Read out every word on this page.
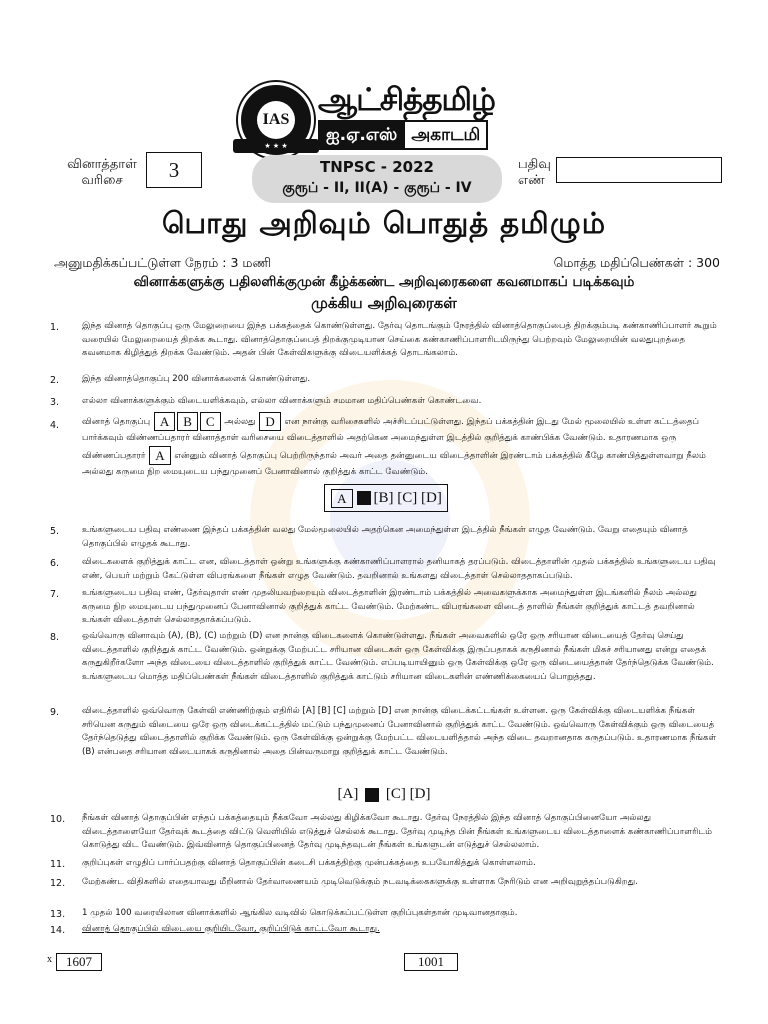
IAS
★ ★ ★
ஆட்சித்தமிழ்
ஐ.ஏ.எஸ் அகாடமி
வினாத்தாள் வரிசை	3	TNPSC - 2022
குரூப் - II, II(A) - குரூப் - IV
பதிவு எண்
பொது அறிவும் பொதுத் தமிழும்
அனுமதிக்கப்பட்டுள்ள நேரம் : 3 மணி	மொத்த மதிப்பெண்கள் : 300
வினாக்களுக்கு பதிலளிக்குமுன் கீழ்க்கண்ட அறிவுரைகளை கவனமாகப் படிக்கவும்
முக்கிய அறிவுரைகள்
1.	இந்த வினாத் தொகுப்பு ஒரு மேலுறையை இந்த பக்கத்தைக் கொண்டுள்ளது. தேர்வு தொடங்கும் நேரத்தில் வினாத்தொகுப்பைத் திறக்கும்படி கண்காணிப்பாளர் கூறும் வரையில் மேலுறையைத் திறக்க கூடாது. வினாத்தொகுப்பைத் திறக்குமுடியான செய்கை கண்காணிப்பாளரிடமிருந்து பெற்றவும் மேலுறையின் வலதுபுறத்தை கவனமாக கிழித்துத் திறக்க வேண்டும். அதன் பின் கேள்விகளுக்கு விடையளிக்கத் தொடங்கலாம்.
2.	இந்த வினாத்தொகுப்பு 200 வினாக்களைக் கொண்டுள்ளது.
3.	எல்லா வினாக்களுக்கும் விடையளிக்கவும், எல்லா வினாக்களும் சமமான மதிப்பெண்கள் கொண்டவை.
4.	வினாத் தொகுப்பு A B C அல்லது D என நான்கு வரிசைகளில் அச்சிடப்பட்டுள்ளது. இந்தப் பக்கத்தின் இடது மேல் மூலையில் உள்ள கட்டத்தைப் பார்க்கவும் விண்ணப்பதாரர் வினாத்தாள் வரிசையை விடைத்தாளில் அதற்கென அமைந்துள்ள இடத்தில் குறித்துக் காண்பிக்க வேண்டும். உதாரணமாக ஒரு விண்ணப்பதாரர் A என்னும் வினாத் தொகுப்பு பெற்றிருந்தால் அவர் அதை தன்னுடைய விடைத்தாளின் இரண்டாம் பக்கத்தில் கீழே காண்பித்துள்ளவாறு நீலம் அல்லது கருமை நிற மையுடைய பந்துமுனைப் பேனாவினால் குறித்துக் காட்ட வேண்டும்.
A	[B] [C] [D]
5.	உங்களுடைய பதிவு எண்ணை இந்தப் பக்கத்தின் வலது மேல்மூலையில் அதற்கென அமைந்துள்ள இடத்தில் நீங்கள் எழுத வேண்டும். வேறு எதையும் வினாத் தொகுப்பில் எழுதக் கூடாது.
6.	விடைகளைக் குறித்துக் காட்ட என, விடைத்தாள் ஒன்று உங்களுக்கு கண்காணிப்பாளரால் தனியாகத் தரப்படும். விடைத்தாளின் முதல் பக்கத்தில் உங்களுடைய பதிவு எண், பெயர் மற்றும் கேட்டுள்ள விபரங்களை நீங்கள் எழுத வேண்டும். தவறினால் உங்களது விடைத்தாள் செல்லாததாகப்படும்.
7.	உங்களுடைய பதிவு எண், தேர்வுதாள் எண் முதலியவற்றையும் விடைத்தாளின் இரண்டாம் பக்கத்தில் அவைகளுக்காக அமைந்துள்ள இடங்களில் நீலம் அல்லது கருமை நிற மையுடைய பந்துமுனைப் பேனாவினால் குறித்துக் காட்ட வேண்டும். மேற்கண்ட விபரங்களை விடைத் தாளில் நீங்கள் குறித்துக் காட்டத் தவறினால் உங்கள் விடைத்தாள் செல்லாததாக்கப்படும்.
8.	ஒவ்வொரு வினாவும் (A), (B), (C) மற்றும் (D) என நான்கு விடைகளைக் கொண்டுள்ளது. நீங்கள் அவைகளில் ஒரே ஒரு சரியான விடையைத் தேர்வு செய்து விடைத்தாளில் குறித்துக் காட்ட வேண்டும். ஒன்றுக்கு மேற்பட்ட சரியான விடைகள் ஒரு கேள்விக்கு இருப்பதாகக் கருதினால் நீங்கள் மிகச் சரியானது என்று எதைக் கருதுகிறீர்களோ அந்த விடையை விடைத்தாளில் குறித்துக் காட்ட வேண்டும். எப்படியாயினும் ஒரு கேள்விக்கு ஒரே ஒரு விடையைத்தான் தேர்ந்தெடுக்க வேண்டும். உங்களுடைய மொத்த மதிப்பெண்கள் நீங்கள் விடைத்தாளில் குறித்துக் காட்டும் சரியான விடைகளின் எண்ணிக்கையைப் பொறுத்தது.
9.	விடைத்தாளில் ஒவ்வொரு கேள்வி எண்ணிற்கும் எதிரில் [A] [B] [C] மற்றும் [D] என நான்கு விடைக்கட்டங்கள் உள்ளன. ஒரு கேள்விக்கு விடையளிக்க நீங்கள் சரியென கருதும் விடையை ஒரே ஒரு விடைக்கட்டத்தில் மட்டும் பந்துமுனைப் பேனாவினால் குறித்துக் காட்ட வேண்டும். ஒவ்வொரு கேள்விக்கும் ஒரு விடையைத் தேர்ந்தெடுத்து விடைத்தாளில் குறிக்க வேண்டும். ஒரு கேள்விக்கு ஒன்றுக்கு மேற்பட்ட விடையளித்தால் அந்த விடை தவறானதாக கருதப்படும். உதாரணமாக நீங்கள் (B) என்பதை சரியான விடையாகக் கருதினால் அதை பின்வருமாறு குறித்துக் காட்ட வேண்டும்.
[A] [C] [D]
10. நீங்கள் வினாத் தொகுப்பின் எந்தப் பக்கத்தையும் நீக்கவோ அல்லது கிழிக்கவோ கூடாது. தேர்வு நேரத்தில் இந்த வினாத் தொகுப்பினையோ அல்லது விடைத்தாளையோ தேர்வுக் கூடத்தை விட்டு வெளியில் எடுத்துச் செல்லக் கூடாது. தேர்வு முடிந்த பின் நீங்கள் உங்களுடைய விடைத்தாளைக் கண்காணிப்பாளரிடம் கொடுத்து விட வேண்டும். இவ்வினாத் தொகுப்பினைத் தேர்வு முடிந்தவுடன் நீங்கள் உங்களுடன் எடுத்துச் செல்லலாம்.
11. குறிப்புகள் எழுதிப் பார்ப்பதற்கு வினாத் தொகுப்பின் கடைசி பக்கத்திற்கு முன்பக்கத்தை உபயோகித்துக் கொள்ளலாம்.
12. மேற்கண்ட விதிகளில் எதையாவது மீறினால் தேர்வாணையம் முடிவெடுக்கும் நடவடிக்கைகளுக்கு உள்ளாக நேரிடும் என அறிவுறுத்தப்படுகிறது.
13. 1 முதல் 100 வரையிலான வினாக்களில் ஆங்கில வடிவில் கொடுக்கப்பட்டுள்ள குறிப்புகள்தான் முடிவானதாகும்.
14. வினாத் தொகுப்பில் விடையை குறியிடவோ, குறிப்பிடுக் காட்டவோ கூடாது.
x	1607	1001
